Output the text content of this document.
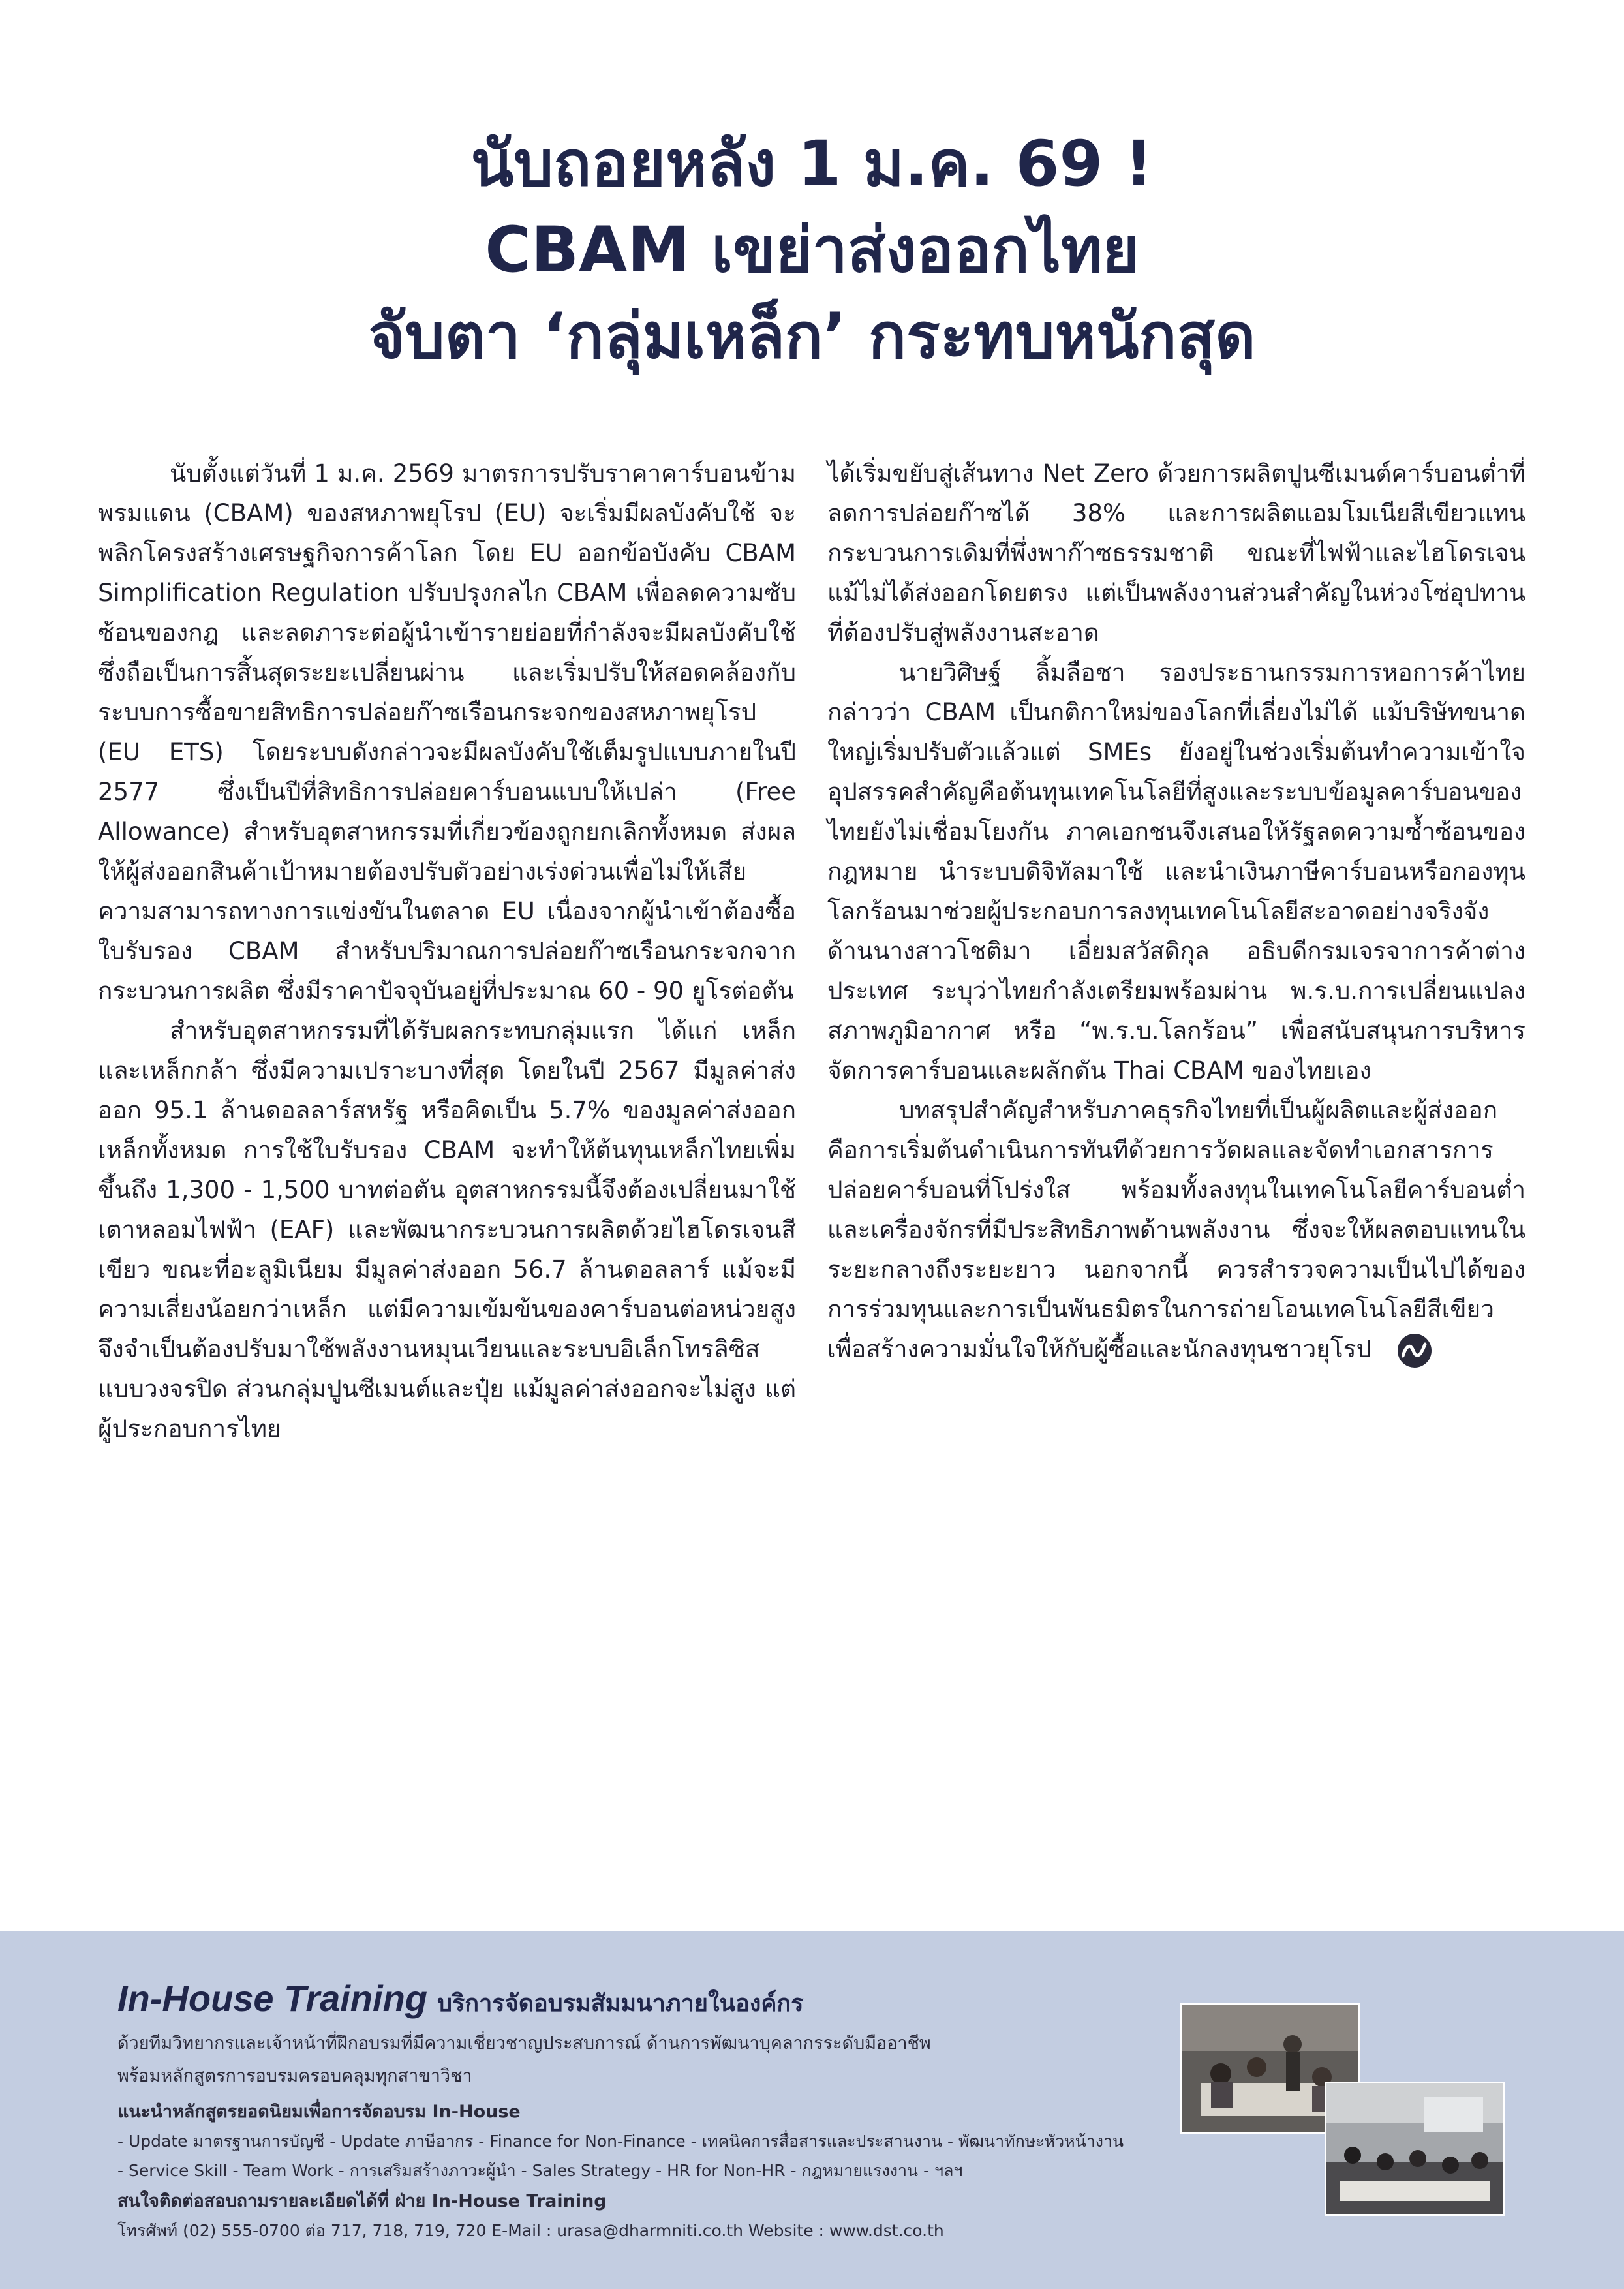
นับถอยหลัง 1 ม.ค. 69 !
CBAM เขย่าส่งออกไทย
จับตา ‘กลุ่มเหล็ก’ กระทบหนักสุด

นับตั้งแต่วันที่ 1 ม.ค. 2569 มาตรการปรับราคาคาร์บอนข้ามพรมแดน (CBAM) ของสหภาพยุโรป (EU) จะเริ่มมีผลบังคับใช้ จะพลิกโครงสร้างเศรษฐกิจการค้าโลก โดย EU ออกข้อบังคับ CBAM Simplification Regulation ปรับปรุงกลไก CBAM เพื่อลดความซับซ้อนของกฎ และลดภาระต่อผู้นำเข้ารายย่อยที่กำลังจะมีผลบังคับใช้ ซึ่งถือเป็นการสิ้นสุดระยะเปลี่ยนผ่าน และเริ่มปรับให้สอดคล้องกับระบบการซื้อขายสิทธิการปล่อยก๊าซเรือนกระจกของสหภาพยุโรป (EU ETS) โดยระบบดังกล่าวจะมีผลบังคับใช้เต็มรูปแบบภายในปี 2577 ซึ่งเป็นปีที่สิทธิการปล่อยคาร์บอนแบบให้เปล่า (Free Allowance) สำหรับอุตสาหกรรมที่เกี่ยวข้องถูกยกเลิกทั้งหมด ส่งผลให้ผู้ส่งออกสินค้าเป้าหมายต้องปรับตัวอย่างเร่งด่วนเพื่อไม่ให้เสียความสามารถทางการแข่งขันในตลาด EU เนื่องจากผู้นำเข้าต้องซื้อใบรับรอง CBAM สำหรับปริมาณการปล่อยก๊าซเรือนกระจกจากกระบวนการผลิต ซึ่งมีราคาปัจจุบันอยู่ที่ประมาณ 60 - 90 ยูโรต่อตัน

สำหรับอุตสาหกรรมที่ได้รับผลกระทบกลุ่มแรก ได้แก่ เหล็กและเหล็กกล้า ซึ่งมีความเปราะบางที่สุด โดยในปี 2567 มีมูลค่าส่งออก 95.1 ล้านดอลลาร์สหรัฐ หรือคิดเป็น 5.7% ของมูลค่าส่งออกเหล็กทั้งหมด การใช้ใบรับรอง CBAM จะทำให้ต้นทุนเหล็กไทยเพิ่มขึ้นถึง 1,300 - 1,500 บาทต่อตัน อุตสาหกรรมนี้จึงต้องเปลี่ยนมาใช้เตาหลอมไฟฟ้า (EAF) และพัฒนากระบวนการผลิตด้วยไฮโดรเจนสีเขียว ขณะที่อะลูมิเนียม มีมูลค่าส่งออก 56.7 ล้านดอลลาร์ แม้จะมีความเสี่ยงน้อยกว่าเหล็ก แต่มีความเข้มข้นของคาร์บอนต่อหน่วยสูง จึงจำเป็นต้องปรับมาใช้พลังงานหมุนเวียนและระบบอิเล็กโทรลิซิสแบบวงจรปิด ส่วนกลุ่มปูนซีเมนต์และปุ๋ย แม้มูลค่าส่งออกจะไม่สูง แต่ผู้ประกอบการไทย

ได้เริ่มขยับสู่เส้นทาง Net Zero ด้วยการผลิตปูนซีเมนต์คาร์บอนต่ำที่ลดการปล่อยก๊าซได้ 38% และการผลิตแอมโมเนียสีเขียวแทนกระบวนการเดิมที่พึ่งพาก๊าซธรรมชาติ ขณะที่ไฟฟ้าและไฮโดรเจนแม้ไม่ได้ส่งออกโดยตรง แต่เป็นพลังงานส่วนสำคัญในห่วงโซ่อุปทานที่ต้องปรับสู่พลังงานสะอาด

นายวิศิษฐ์ ลิ้มลือชา รองประธานกรรมการหอการค้าไทย กล่าวว่า CBAM เป็นกติกาใหม่ของโลกที่เลี่ยงไม่ได้ แม้บริษัทขนาดใหญ่เริ่มปรับตัวแล้วแต่ SMEs ยังอยู่ในช่วงเริ่มต้นทำความเข้าใจ อุปสรรคสำคัญคือต้นทุนเทคโนโลยีที่สูงและระบบข้อมูลคาร์บอนของไทยยังไม่เชื่อมโยงกัน ภาคเอกชนจึงเสนอให้รัฐลดความซ้ำซ้อนของกฎหมาย นำระบบดิจิทัลมาใช้ และนำเงินภาษีคาร์บอนหรือกองทุนโลกร้อนมาช่วยผู้ประกอบการลงทุนเทคโนโลยีสะอาดอย่างจริงจัง ด้านนางสาวโชติมา เอี่ยมสวัสดิกุล อธิบดีกรมเจรจาการค้าต่างประเทศ ระบุว่าไทยกำลังเตรียมพร้อมผ่าน พ.ร.บ.การเปลี่ยนแปลงสภาพภูมิอากาศ หรือ “พ.ร.บ.โลกร้อน” เพื่อสนับสนุนการบริหารจัดการคาร์บอนและผลักดัน Thai CBAM ของไทยเอง

บทสรุปสำคัญสำหรับภาคธุรกิจไทยที่เป็นผู้ผลิตและผู้ส่งออก คือการเริ่มต้นดำเนินการทันทีด้วยการวัดผลและจัดทำเอกสารการปล่อยคาร์บอนที่โปร่งใส พร้อมทั้งลงทุนในเทคโนโลยีคาร์บอนต่ำและเครื่องจักรที่มีประสิทธิภาพด้านพลังงาน ซึ่งจะให้ผลตอบแทนในระยะกลางถึงระยะยาว นอกจากนี้ ควรสำรวจความเป็นไปได้ของการร่วมทุนและการเป็นพันธมิตรในการถ่ายโอนเทคโนโลยีสีเขียว เพื่อสร้างความมั่นใจให้กับผู้ซื้อและนักลงทุนชาวยุโรป

In-House Training บริการจัดอบรมสัมมนาภายในองค์กร
ด้วยทีมวิทยากรและเจ้าหน้าที่ฝึกอบรมที่มีความเชี่ยวชาญประสบการณ์ ด้านการพัฒนาบุคลากรระดับมืออาชีพ
พร้อมหลักสูตรการอบรมครอบคลุมทุกสาขาวิชา
แนะนำหลักสูตรยอดนิยมเพื่อการจัดอบรม In-House
- Update มาตรฐานการบัญชี - Update ภาษีอากร - Finance for Non-Finance - เทคนิคการสื่อสารและประสานงาน - พัฒนาทักษะหัวหน้างาน
- Service Skill - Team Work - การเสริมสร้างภาวะผู้นำ - Sales Strategy - HR for Non-HR - กฎหมายแรงงาน - ฯลฯ
สนใจติดต่อสอบถามรายละเอียดได้ที่ ฝ่าย In-House Training
โทรศัพท์ (02) 555-0700 ต่อ 717, 718, 719, 720 E-Mail : urasa@dharmniti.co.th Website : www.dst.co.th
